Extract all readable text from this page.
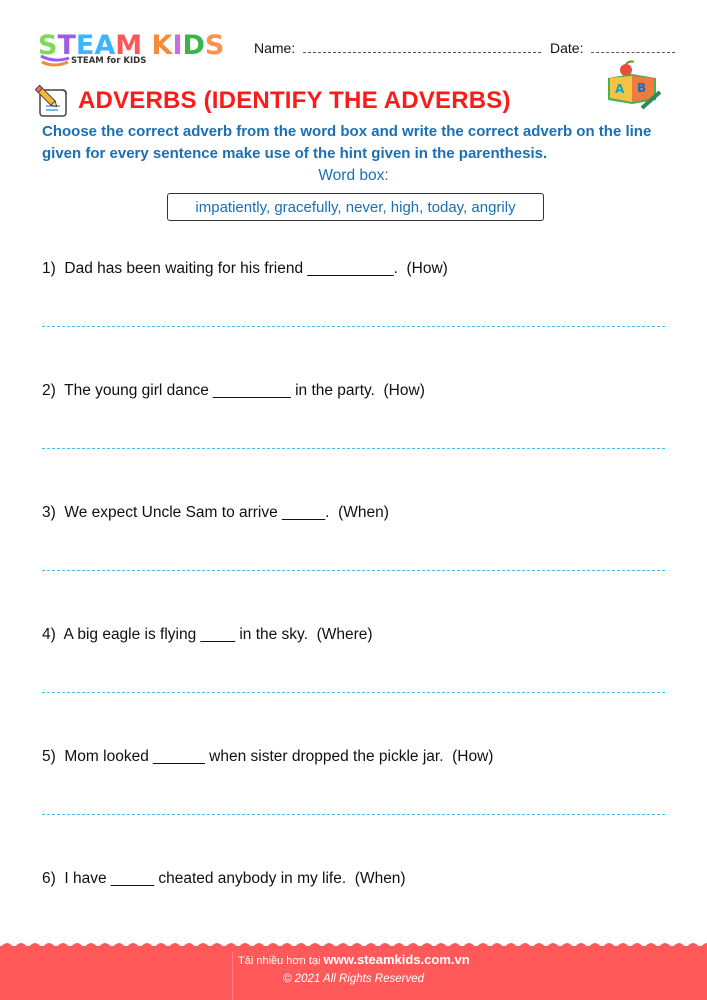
STEAM KIDS
STEAM for KIDS
Name:	Date:
ADVERBS (IDENTIFY THE ADVERBS)	A B
Choose the correct adverb from the word box and write the correct adverb on the line given for every sentence make use of the hint given in the parenthesis.
Word box:
impatiently, gracefully, never, high, today, angrily
1)  Dad has been waiting for his friend __________.  (How)
2)  The young girl dance _________ in the party.  (How)
3)  We expect Uncle Sam to arrive _____.  (When)
4)  A big eagle is flying ____ in the sky.  (Where)
5)  Mom looked ______ when sister dropped the pickle jar.  (How)
6)  I have _____ cheated anybody in my life.  (When)
Tải nhiều hơn tại www.steamkids.com.vn
© 2021 All Rights Reserved
